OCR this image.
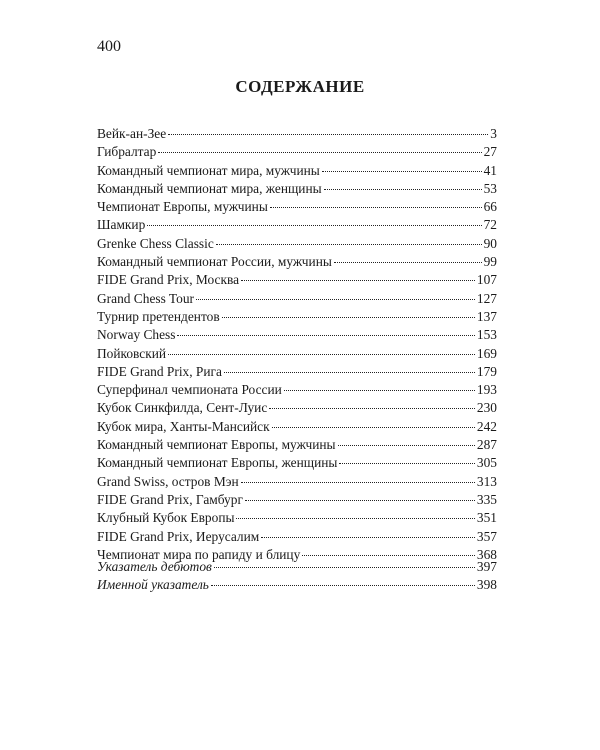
400
СОДЕРЖАНИЕ
Вейк-ан-Зее	3
Гибралтар	27
Командный чемпионат мира, мужчины	41
Командный чемпионат мира, женщины	53
Чемпионат Европы, мужчины	66
Шамкир	72
Grenke Chess Classic	90
Командный чемпионат России, мужчины	99
FIDE Grand Prix, Москва	107
Grand Chess Tour	127
Турнир претендентов	137
Norway Chess	153
Пойковский	169
FIDE Grand Prix, Рига	179
Суперфинал чемпионата России	193
Кубок Синкфилда, Сент-Луис	230
Кубок мира, Ханты-Мансийск	242
Командный чемпионат Европы, мужчины	287
Командный чемпионат Европы, женщины	305
Grand Swiss, остров Мэн	313
FIDE Grand Prix, Гамбург	335
Клубный Кубок Европы	351
FIDE Grand Prix, Иерусалим	357
Чемпионат мира по рапиду и блицу	368
Указатель дебютов	397
Именной указатель	398
